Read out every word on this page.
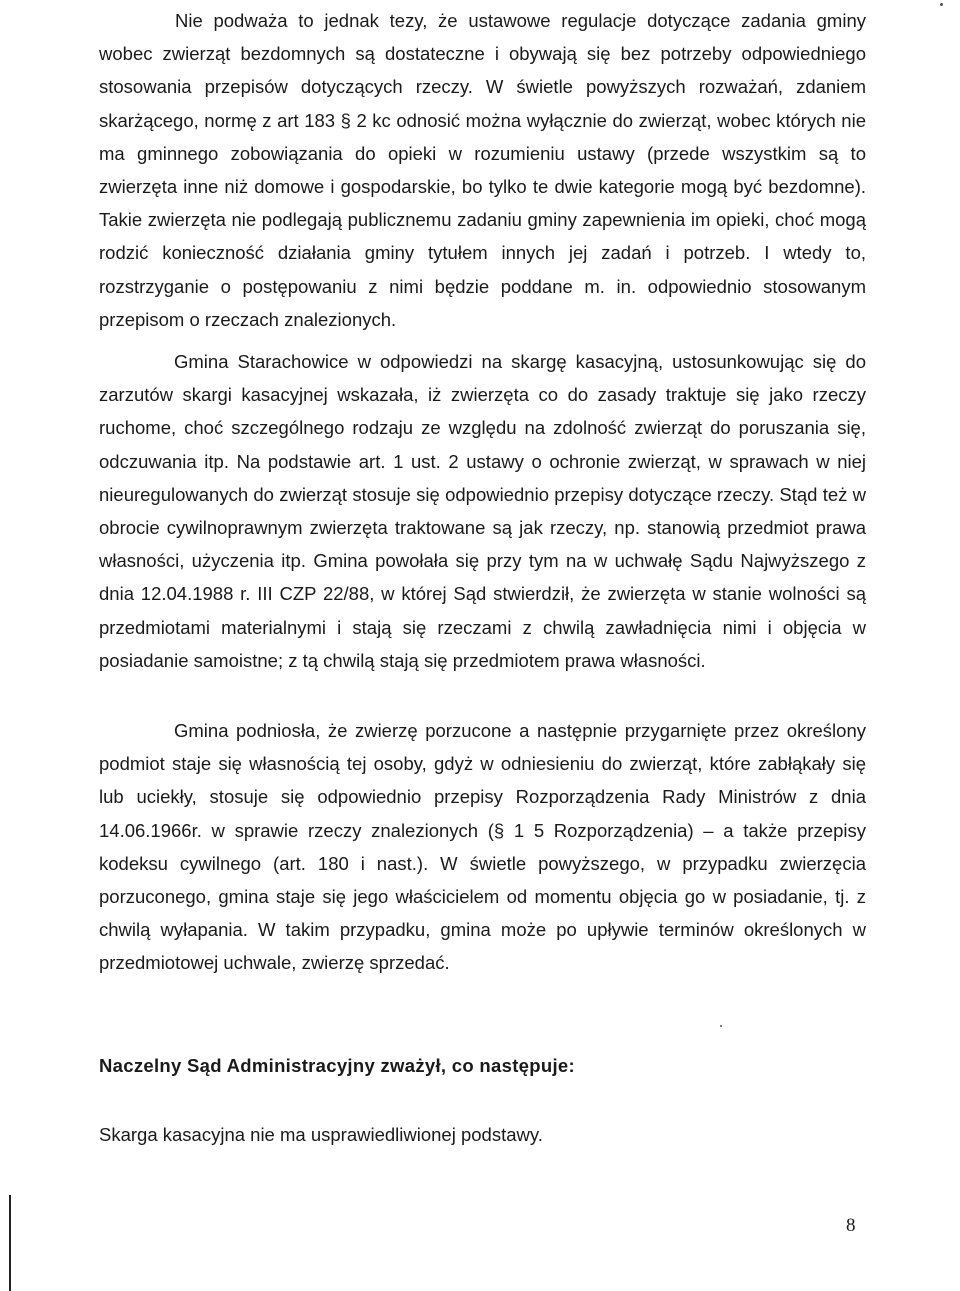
Nie podważa to jednak tezy, że ustawowe regulacje dotyczące zadania gminy wobec zwierząt bezdomnych są dostateczne i obywają się bez potrzeby odpowiedniego stosowania przepisów dotyczących rzeczy. W świetle powyższych rozważań, zdaniem skarżącego, normę z art 183 § 2 kc odnosić można wyłącznie do zwierząt, wobec których nie ma gminnego zobowiązania do opieki w rozumieniu ustawy (przede wszystkim są to zwierzęta inne niż domowe i gospodarskie, bo tylko te dwie kategorie mogą być bezdomne). Takie zwierzęta nie podlegają publicznemu zadaniu gminy zapewnienia im opieki, choć mogą rodzić konieczność działania gminy tytułem innych jej zadań i potrzeb. I wtedy to, rozstrzyganie o postępowaniu z nimi będzie poddane m. in. odpowiednio stosowanym przepisom o rzeczach znalezionych.

Gmina Starachowice w odpowiedzi na skargę kasacyjną, ustosunkowując się do zarzutów skargi kasacyjnej wskazała, iż zwierzęta co do zasady traktuje się jako rzeczy ruchome, choć szczególnego rodzaju ze względu na zdolność zwierząt do poruszania się, odczuwania itp. Na podstawie art. 1 ust. 2 ustawy o ochronie zwierząt, w sprawach w niej nieuregulowanych do zwierząt stosuje się odpowiednio przepisy dotyczące rzeczy. Stąd też w obrocie cywilnoprawnym zwierzęta traktowane są jak rzeczy, np. stanowią przedmiot prawa własności, użyczenia itp. Gmina powołała się przy tym na w uchwałę Sądu Najwyższego z dnia 12.04.1988 r. III CZP 22/88, w której Sąd stwierdził, że zwierzęta w stanie wolności są przedmiotami materialnymi i stają się rzeczami z chwilą zawładnięcia nimi i objęcia w posiadanie samoistne; z tą chwilą stają się przedmiotem prawa własności.

Gmina podniosła, że zwierzę porzucone a następnie przygarnięte przez określony podmiot staje się własnością tej osoby, gdyż w odniesieniu do zwierząt, które zabłąkały się lub uciekły, stosuje się odpowiednio przepisy Rozporządzenia Rady Ministrów z dnia 14.06.1966r. w sprawie rzeczy znalezionych (§ 1 5 Rozporządzenia) – a także przepisy kodeksu cywilnego (art. 180 i nast.). W świetle powyższego, w przypadku zwierzęcia porzuconego, gmina staje się jego właścicielem od momentu objęcia go w posiadanie, tj. z chwilą wyłapania. W takim przypadku, gmina może po upływie terminów określonych w przedmiotowej uchwale, zwierzę sprzedać.

Naczelny Sąd Administracyjny zważył, co następuje:

Skarga kasacyjna nie ma usprawiedliwionej podstawy.

8
